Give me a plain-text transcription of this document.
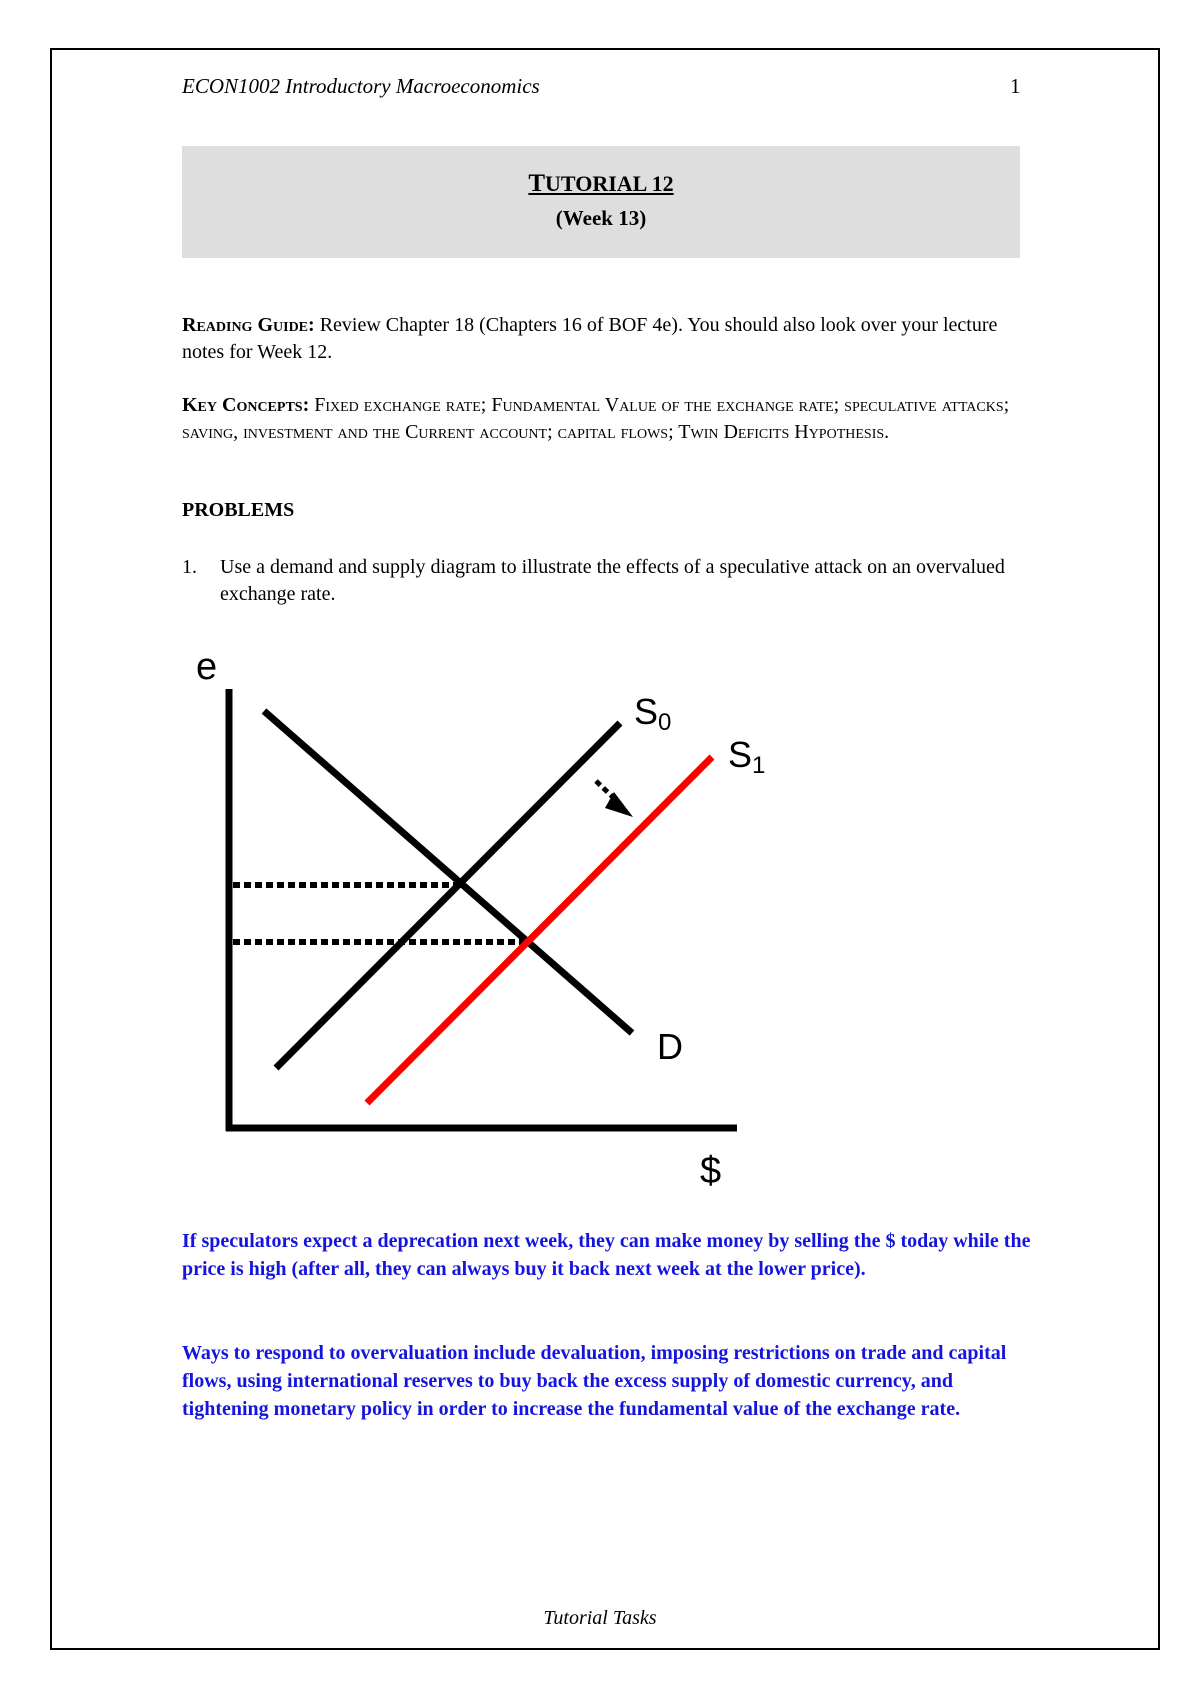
ECON1002 Introductory Macroeconomics	1
TUTORIAL 12
(Week 13)
Reading Guide: Review Chapter 18 (Chapters 16 of BOF 4e). You should also look over your lecture notes for Week 12.
Key Concepts: Fixed exchange rate; Fundamental Value of the exchange rate; speculative attacks; saving, investment and the Current account; capital flows; Twin Deficits Hypothesis.
PROBLEMS
1. Use a demand and supply diagram to illustrate the effects of a speculative attack on an overvalued exchange rate.
e
$
S0
S1
D
If speculators expect a deprecation next week, they can make money by selling the $ today while the price is high (after all, they can always buy it back next week at the lower price).
Ways to respond to overvaluation include devaluation, imposing restrictions on trade and capital flows, using international reserves to buy back the excess supply of domestic currency, and tightening monetary policy in order to increase the fundamental value of the exchange rate.
Tutorial Tasks
